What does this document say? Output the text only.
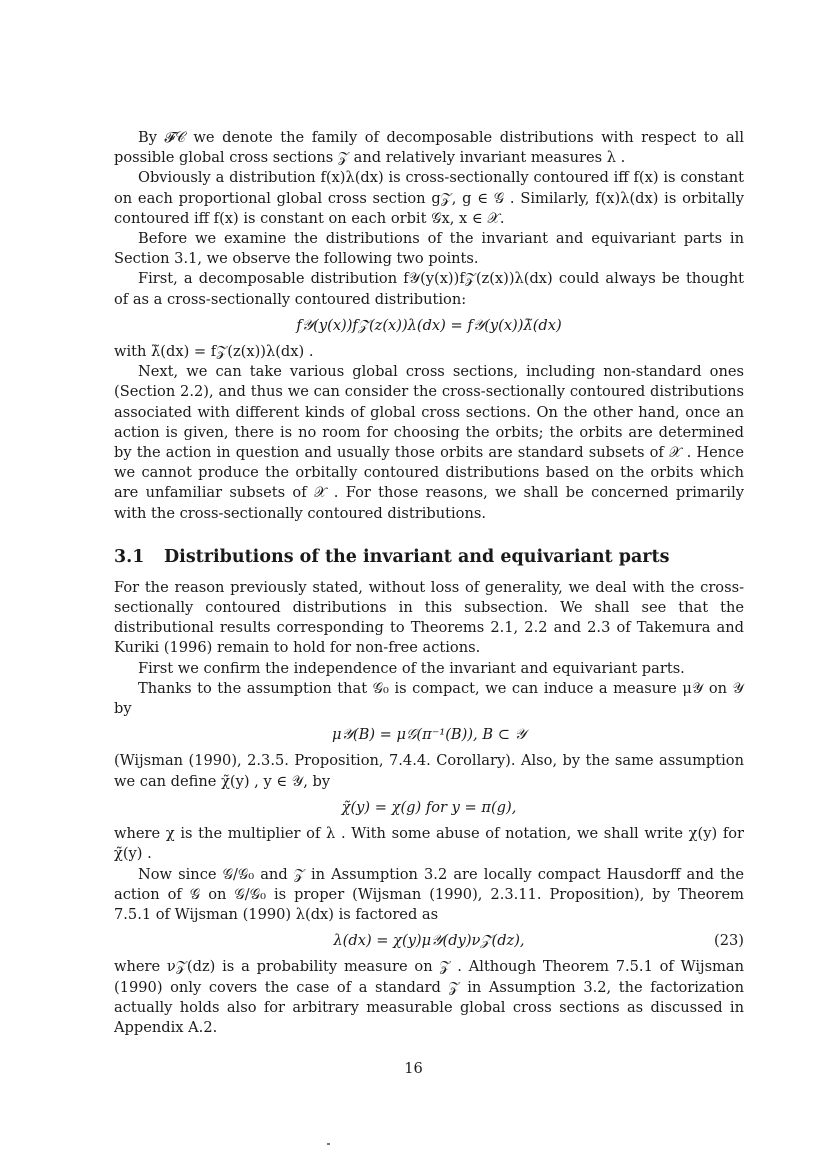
By 𝓕𝒞 we denote the family of decomposable distributions with respect to all possible global cross sections 𝒵 and relatively invariant measures λ .

Obviously a distribution f(x)λ(dx) is cross-sectionally contoured iff f(x) is constant on each proportional global cross section g𝒵, g ∈ 𝒢 . Similarly, f(x)λ(dx) is orbitally contoured iff f(x) is constant on each orbit 𝒢x, x ∈ 𝒳.

Before we examine the distributions of the invariant and equivariant parts in Section 3.1, we observe the following two points.

First, a decomposable distribution f𝒴(y(x))f𝒵(z(x))λ(dx) could always be thought of as a cross-sectionally contoured distribution:

f𝒴(y(x))f𝒵(z(x))λ(dx) = f𝒴(y(x))λ̃(dx)

with λ̃(dx) = f𝒵(z(x))λ(dx) .

Next, we can take various global cross sections, including non-standard ones (Section 2.2), and thus we can consider the cross-sectionally contoured distributions associated with different kinds of global cross sections. On the other hand, once an action is given, there is no room for choosing the orbits; the orbits are determined by the action in question and usually those orbits are standard subsets of 𝒳 . Hence we cannot produce the orbitally contoured distributions based on the orbits which are unfamiliar subsets of 𝒳 . For those reasons, we shall be concerned primarily with the cross-sectionally contoured distributions.

3.1 Distributions of the invariant and equivariant parts

For the reason previously stated, without loss of generality, we deal with the cross-sectionally contoured distributions in this subsection. We shall see that the distributional results corresponding to Theorems 2.1, 2.2 and 2.3 of Takemura and Kuriki (1996) remain to hold for non-free actions.

First we confirm the independence of the invariant and equivariant parts.

Thanks to the assumption that 𝒢₀ is compact, we can induce a measure μ𝒴 on 𝒴 by

μ𝒴(B) = μ𝒢(π⁻¹(B)), B ⊂ 𝒴

(Wijsman (1990), 2.3.5. Proposition, 7.4.4. Corollary). Also, by the same assumption we can define χ̃(y) , y ∈ 𝒴, by

χ̃(y) = χ(g) for y = π(g),

where χ is the multiplier of λ . With some abuse of notation, we shall write χ(y) for χ̃(y) .

Now since 𝒢/𝒢₀ and 𝒵 in Assumption 3.2 are locally compact Hausdorff and the action of 𝒢 on 𝒢/𝒢₀ is proper (Wijsman (1990), 2.3.11. Proposition), by Theorem 7.5.1 of Wijsman (1990) λ(dx) is factored as

λ(dx) = χ(y)μ𝒴(dy)ν𝒵(dz),	(23)

where ν𝒵(dz) is a probability measure on 𝒵 . Although Theorem 7.5.1 of Wijsman (1990) only covers the case of a standard 𝒵 in Assumption 3.2, the factorization actually holds also for arbitrary measurable global cross sections as discussed in Appendix A.2.

16
